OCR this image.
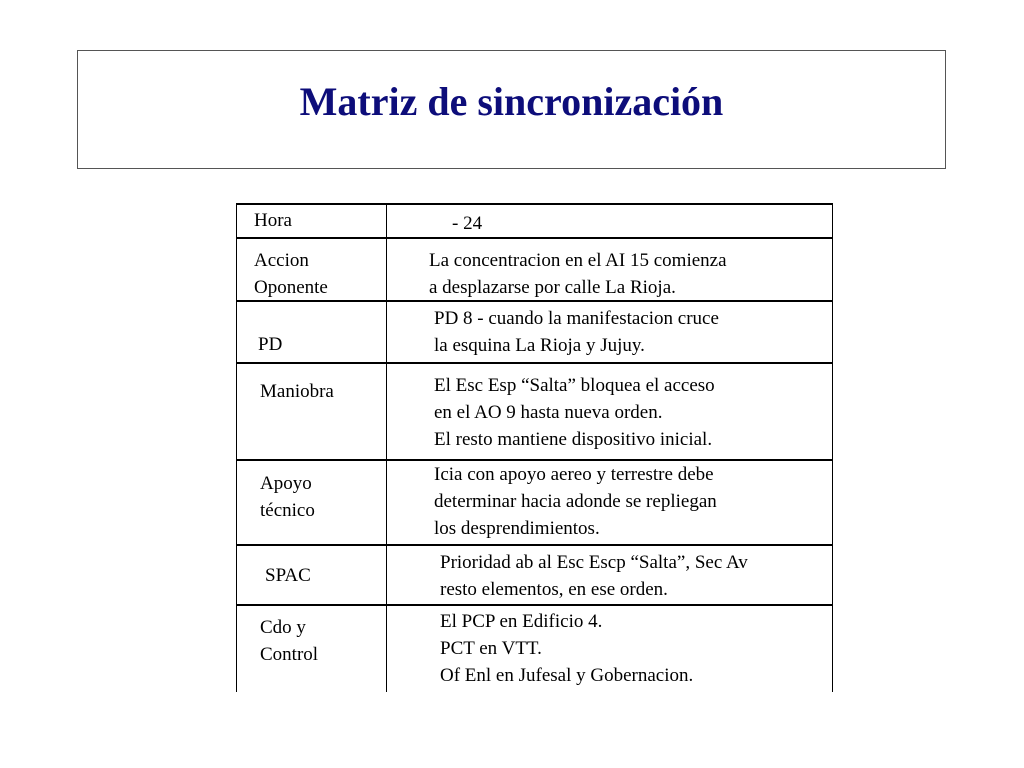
Matriz de sincronización
Hora	- 24
Accion
Oponente
La concentracion en el AI 15 comienza
a desplazarse por calle La Rioja.
PD
PD 8 - cuando la manifestacion cruce
la esquina La Rioja y Jujuy.
Maniobra	El Esc Esp “Salta” bloquea el acceso
en el AO 9 hasta nueva orden.
El resto mantiene dispositivo inicial.
Apoyo
técnico
Icia con apoyo aereo y terrestre debe
determinar hacia adonde se repliegan
los desprendimientos.
SPAC
Prioridad ab al Esc Escp “Salta”, Sec Av
resto elementos, en ese orden.
Cdo y
Control
El PCP en Edificio 4.
PCT en VTT.
Of Enl en Jufesal y Gobernacion.
